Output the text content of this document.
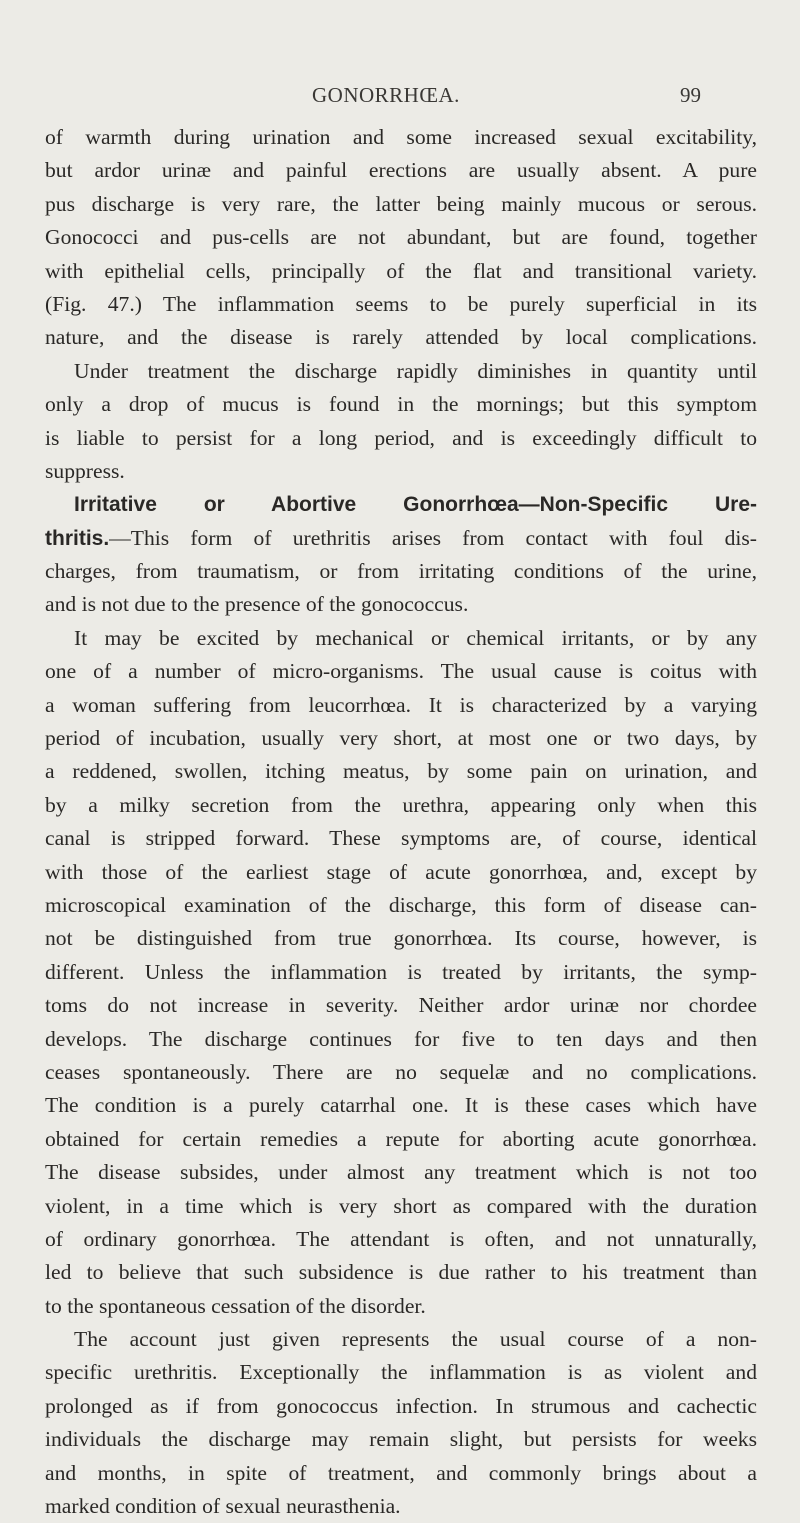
GONORRHŒA.	99
of warmth during urination and some increased sexual excitability,
but ardor urinæ and painful erections are usually absent. A pure
pus discharge is very rare, the latter being mainly mucous or serous.
Gonococci and pus-cells are not abundant, but are found, together
with epithelial cells, principally of the flat and transitional variety.
(Fig. 47.) The inflammation seems to be purely superficial in its
nature, and the disease is rarely attended by local complications.
Under treatment the discharge rapidly diminishes in quantity until
only a drop of mucus is found in the mornings; but this symptom
is liable to persist for a long period, and is exceedingly difficult to
suppress.
Irritative or Abortive Gonorrhœa—Non-Specific Ure-
thritis.—This form of urethritis arises from contact with foul dis-
charges, from traumatism, or from irritating conditions of the urine,
and is not due to the presence of the gonococcus.
It may be excited by mechanical or chemical irritants, or by any
one of a number of micro-organisms. The usual cause is coitus with
a woman suffering from leucorrhœa. It is characterized by a varying
period of incubation, usually very short, at most one or two days, by
a reddened, swollen, itching meatus, by some pain on urination, and
by a milky secretion from the urethra, appearing only when this
canal is stripped forward. These symptoms are, of course, identical
with those of the earliest stage of acute gonorrhœa, and, except by
microscopical examination of the discharge, this form of disease can-
not be distinguished from true gonorrhœa. Its course, however, is
different. Unless the inflammation is treated by irritants, the symp-
toms do not increase in severity. Neither ardor urinæ nor chordee
develops. The discharge continues for five to ten days and then
ceases spontaneously. There are no sequelæ and no complications.
The condition is a purely catarrhal one. It is these cases which have
obtained for certain remedies a repute for aborting acute gonorrhœa.
The disease subsides, under almost any treatment which is not too
violent, in a time which is very short as compared with the duration
of ordinary gonorrhœa. The attendant is often, and not unnaturally,
led to believe that such subsidence is due rather to his treatment than
to the spontaneous cessation of the disorder.
The account just given represents the usual course of a non-
specific urethritis. Exceptionally the inflammation is as violent and
prolonged as if from gonococcus infection. In strumous and cachectic
individuals the discharge may remain slight, but persists for weeks
and months, in spite of treatment, and commonly brings about a
marked condition of sexual neurasthenia.
